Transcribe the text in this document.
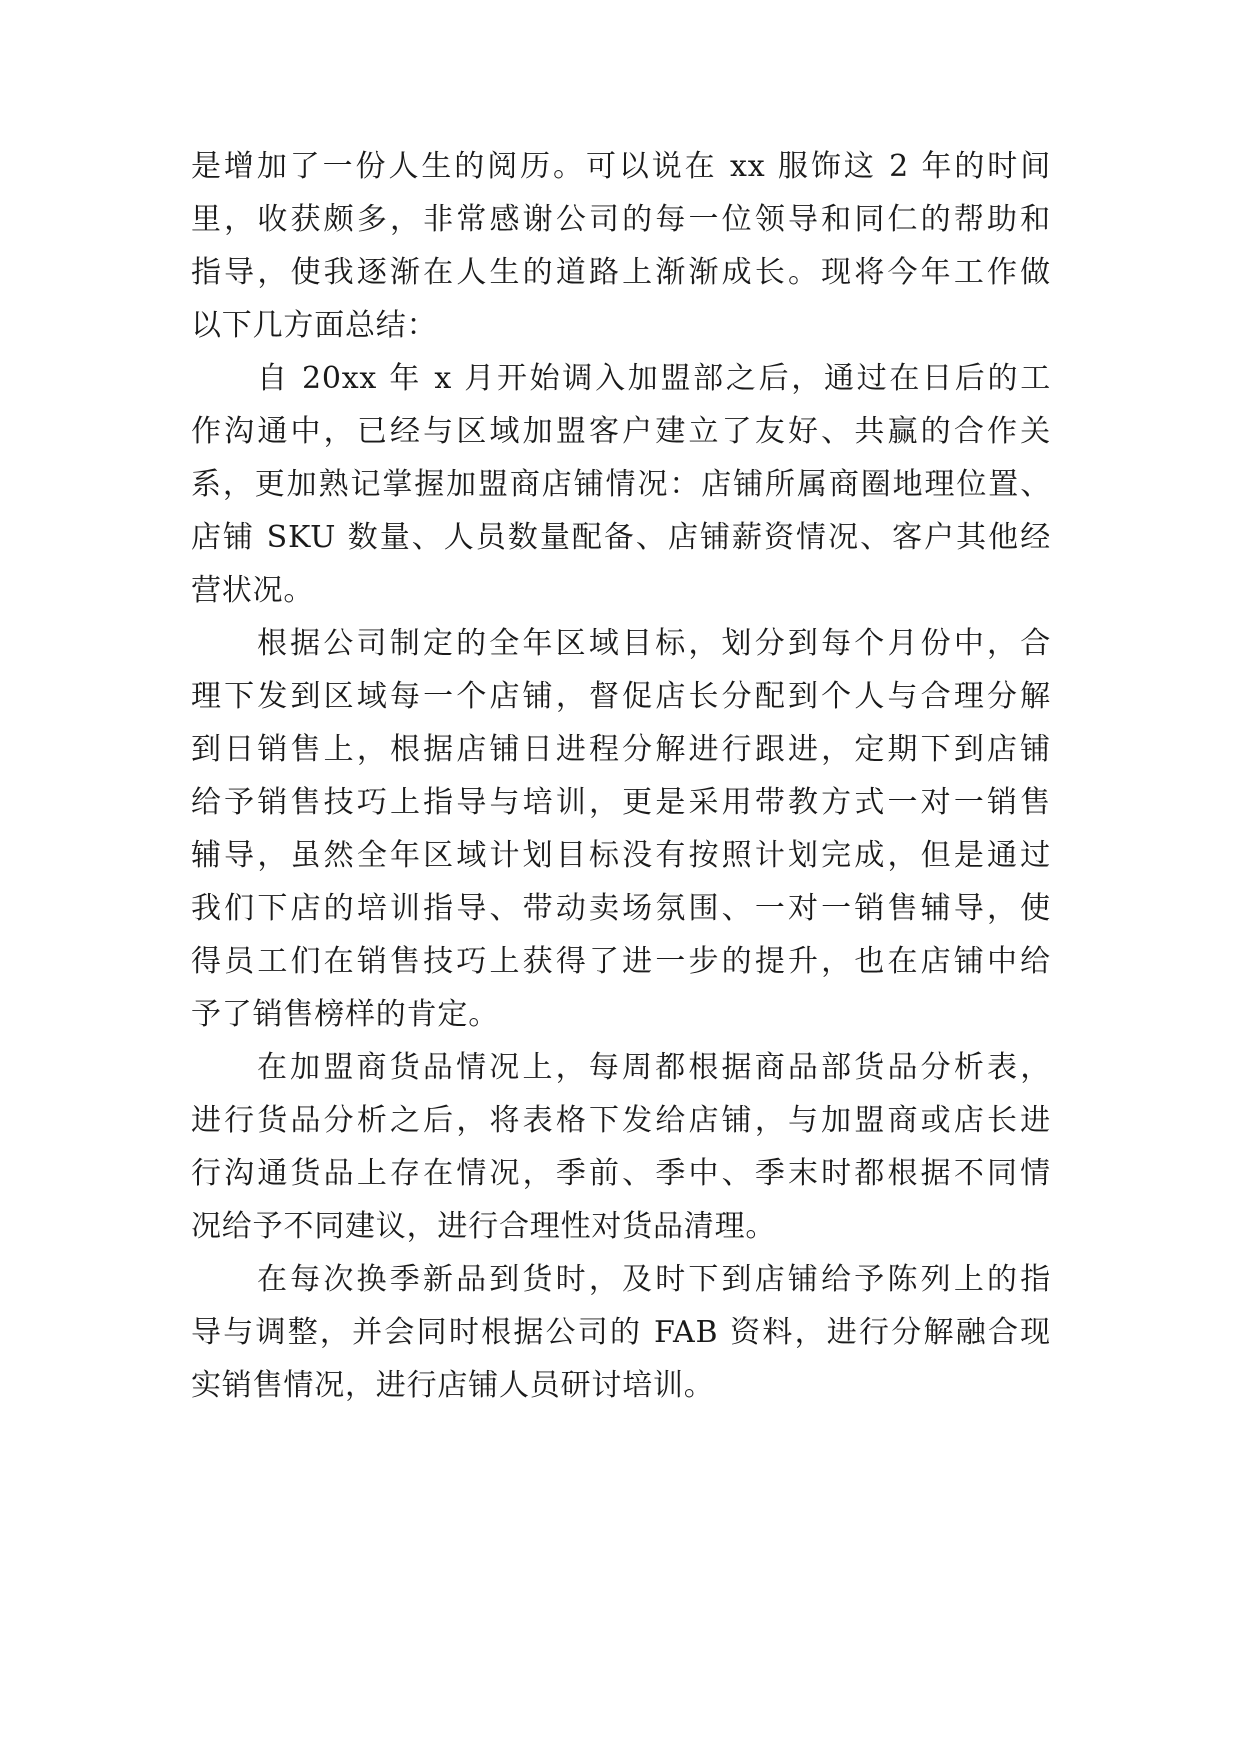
是增加了一份人生的阅历。可以说在 xx 服饰这 2 年的时间
里，收获颇多，非常感谢公司的每一位领导和同仁的帮助和
指导，使我逐渐在人生的道路上渐渐成长。现将今年工作做
以下几方面总结：
自 20xx 年 x 月开始调入加盟部之后，通过在日后的工
作沟通中，已经与区域加盟客户建立了友好、共赢的合作关
系，更加熟记掌握加盟商店铺情况：店铺所属商圈地理位置、
店铺 SKU 数量、人员数量配备、店铺薪资情况、客户其他经
营状况。
根据公司制定的全年区域目标，划分到每个月份中，合
理下发到区域每一个店铺，督促店长分配到个人与合理分解
到日销售上，根据店铺日进程分解进行跟进，定期下到店铺
给予销售技巧上指导与培训，更是采用带教方式一对一销售
辅导，虽然全年区域计划目标没有按照计划完成，但是通过
我们下店的培训指导、带动卖场氛围、一对一销售辅导，使
得员工们在销售技巧上获得了进一步的提升，也在店铺中给
予了销售榜样的肯定。
在加盟商货品情况上，每周都根据商品部货品分析表，
进行货品分析之后，将表格下发给店铺，与加盟商或店长进
行沟通货品上存在情况，季前、季中、季末时都根据不同情
况给予不同建议，进行合理性对货品清理。
在每次换季新品到货时，及时下到店铺给予陈列上的指
导与调整，并会同时根据公司的 FAB 资料，进行分解融合现
实销售情况，进行店铺人员研讨培训。
